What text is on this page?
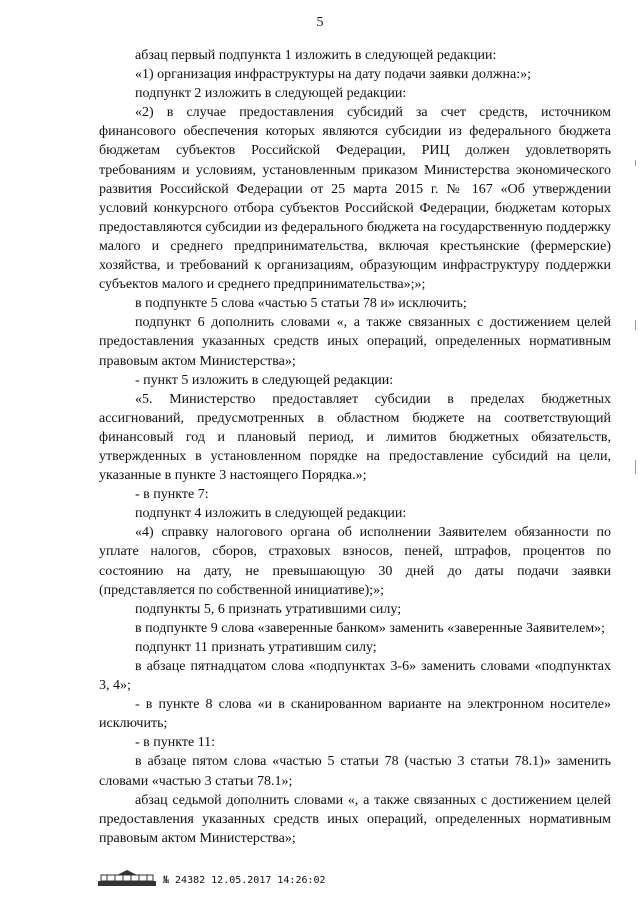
5

абзац первый подпункта 1 изложить в следующей редакции:

«1) организация инфраструктуры на дату подачи заявки должна:»;

подпункт 2 изложить в следующей редакции:

«2) в случае предоставления субсидий за счет средств, источником финансового обеспечения которых являются субсидии из федерального бюджета бюджетам субъектов Российской Федерации, РИЦ должен удовлетворять требованиям и условиям, установленным приказом Министерства экономического развития Российской Федерации от 25 марта 2015 г. № 167 «Об утверждении условий конкурсного отбора субъектов Российской Федерации, бюджетам которых предоставляются субсидии из федерального бюджета на государственную поддержку малого и среднего предпринимательства, включая крестьянские (фермерские) хозяйства, и требований к организациям, образующим инфраструктуру поддержки субъектов малого и среднего предпринимательства»;»;

в подпункте 5 слова «частью 5 статьи 78 и» исключить;

подпункт 6 дополнить словами «, а также связанных с достижением целей предоставления указанных средств иных операций, определенных нормативным правовым актом Министерства»;

- пункт 5 изложить в следующей редакции:

«5. Министерство предоставляет субсидии в пределах бюджетных ассигнований, предусмотренных в областном бюджете на соответствующий финансовый год и плановый период, и лимитов бюджетных обязательств, утвержденных в установленном порядке на предоставление субсидий на цели, указанные в пункте 3 настоящего Порядка.»;

- в пункте 7:

подпункт 4 изложить в следующей редакции:

«4) справку налогового органа об исполнении Заявителем обязанности по уплате налогов, сборов, страховых взносов, пеней, штрафов, процентов по состоянию на дату, не превышающую 30 дней до даты подачи заявки (представляется по собственной инициативе);»;

подпункты 5, 6 признать утратившими силу;

в подпункте 9 слова «заверенные банком» заменить «заверенные Заявителем»;

подпункт 11 признать утратившим силу;

в абзаце пятнадцатом слова «подпунктах 3-6» заменить словами «подпунктах 3, 4»;

- в пункте 8 слова «и в сканированном варианте на электронном носителе» исключить;

- в пункте 11:

в абзаце пятом слова «частью 5 статьи 78 (частью 3 статьи 78.1)» заменить словами «частью 3 статьи 78.1»;

абзац седьмой дополнить словами «, а также связанных с достижением целей предоставления указанных средств иных операций, определенных нормативным правовым актом Министерства»;

№ 24382 12.05.2017 14:26:02
